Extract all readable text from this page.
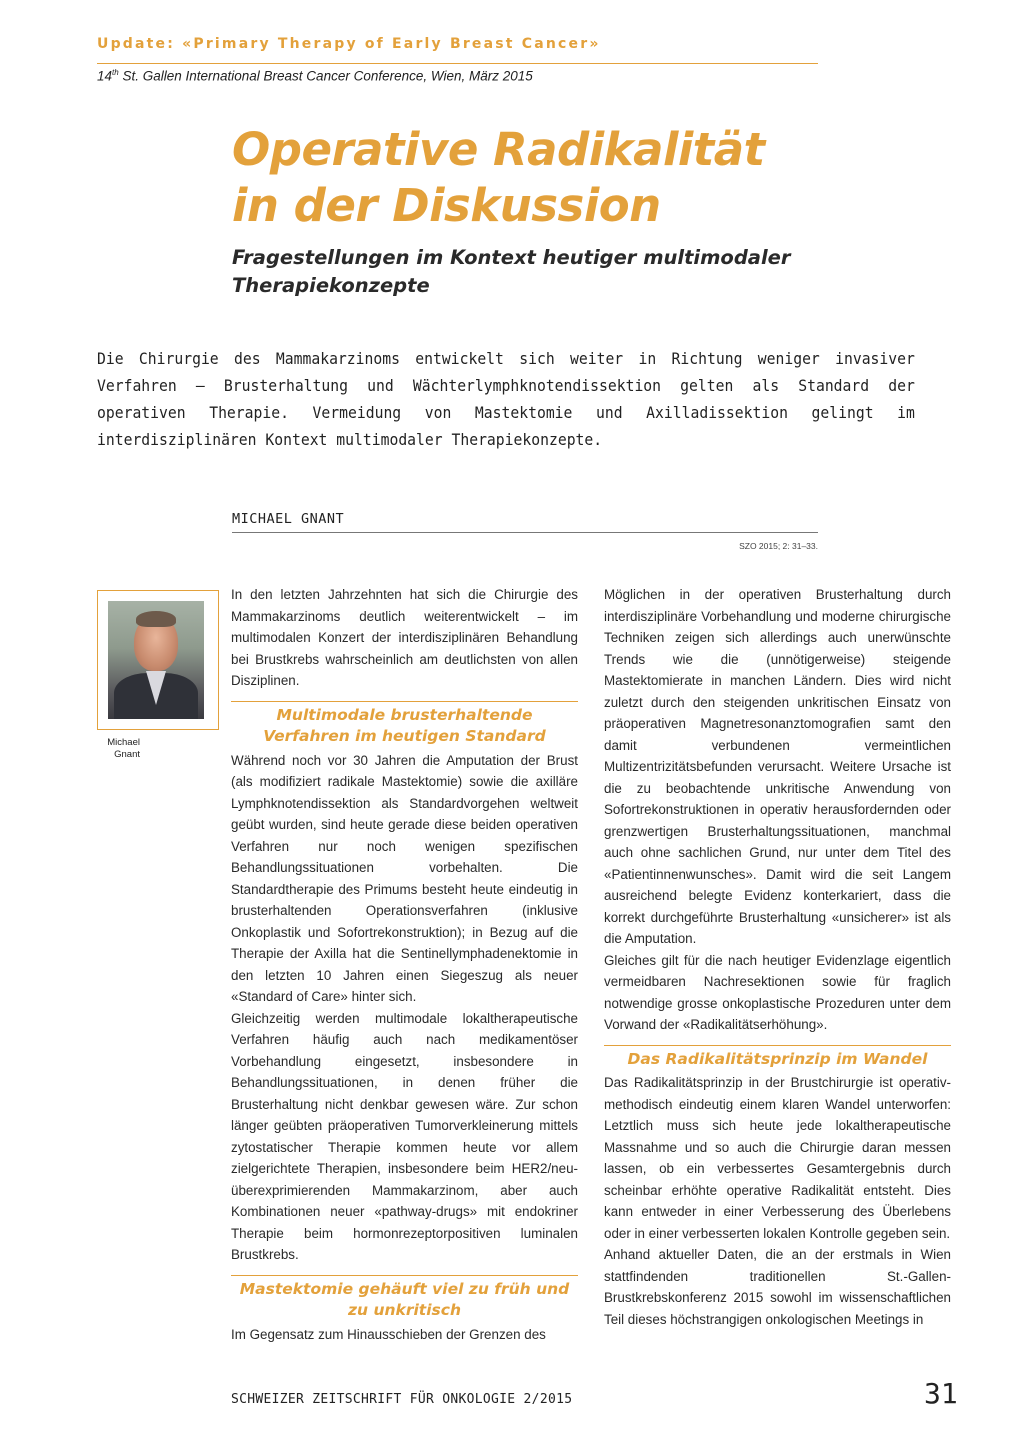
Update: «Primary Therapy of Early Breast Cancer»
14th St. Gallen International Breast Cancer Conference, Wien, März 2015
Operative Radikalität
in der Diskussion
Fragestellungen im Kontext heutiger multimodaler
Therapiekonzepte

Die Chirurgie des Mammakarzinoms entwickelt sich weiter in Richtung weniger invasiver Verfahren – Brusterhaltung und Wächterlymphknotendissektion gelten als Standard der operativen Therapie. Vermeidung von Mastektomie und Axilladissektion gelingt im interdisziplinären Kontext multimodaler Therapiekonzepte.

MICHAEL GNANT
SZO 2015; 2: 31–33.
Michael
Gnant

In den letzten Jahrzehnten hat sich die Chirurgie des Mammakarzinoms deutlich weiterentwickelt – im multimodalen Konzert der interdisziplinären Behandlung bei Brustkrebs wahrscheinlich am deutlichsten von allen Disziplinen.

Multimodale brusterhaltende Verfahren im heutigen Standard

Während noch vor 30 Jahren die Amputation der Brust (als modifiziert radikale Mastektomie) sowie die axilläre Lymphknotendissektion als Standardvorgehen weltweit geübt wurden, sind heute gerade diese beiden operativen Verfahren nur noch wenigen spezifischen Behandlungssituationen vorbehalten. Die Standardtherapie des Primums besteht heute eindeutig in brusterhaltenden Operationsverfahren (inklusive Onkoplastik und Sofortrekonstruktion); in Bezug auf die Therapie der Axilla hat die Sentinellymphadenektomie in den letzten 10 Jahren einen Siegeszug als neuer «Standard of Care» hinter sich.

Gleichzeitig werden multimodale lokaltherapeutische Verfahren häufig auch nach medikamentöser Vorbehandlung eingesetzt, insbesondere in Behandlungssituationen, in denen früher die Brusterhaltung nicht denkbar gewesen wäre. Zur schon länger geübten präoperativen Tumorverkleinerung mittels zytostatischer Therapie kommen heute vor allem zielgerichtete Therapien, insbesondere beim HER2/neu-überexprimierenden Mammakarzinom, aber auch Kombinationen neuer «pathway-drugs» mit endokriner Therapie beim hormonrezeptorpositiven luminalen Brustkrebs.

Mastektomie gehäuft viel zu früh und zu unkritisch

Im Gegensatz zum Hinausschieben der Grenzen des

Möglichen in der operativen Brusterhaltung durch interdisziplinäre Vorbehandlung und moderne chirurgische Techniken zeigen sich allerdings auch unerwünschte Trends wie die (unnötigerweise) steigende Mastektomierate in manchen Ländern. Dies wird nicht zuletzt durch den steigenden unkritischen Einsatz von präoperativen Magnetresonanztomografien samt den damit verbundenen vermeintlichen Multizentrizitätsbefunden verursacht. Weitere Ursache ist die zu beobachtende unkritische Anwendung von Sofortrekonstruktionen in operativ herausfordernden oder grenzwertigen Brusterhaltungssituationen, manchmal auch ohne sachlichen Grund, nur unter dem Titel des «Patientinnenwunsches». Damit wird die seit Langem ausreichend belegte Evidenz konterkariert, dass die korrekt durchgeführte Brusterhaltung «unsicherer» ist als die Amputation.

Gleiches gilt für die nach heutiger Evidenzlage eigentlich vermeidbaren Nachresektionen sowie für fraglich notwendige grosse onkoplastische Prozeduren unter dem Vorwand der «Radikalitätserhöhung».

Das Radikalitätsprinzip im Wandel

Das Radikalitätsprinzip in der Brustchirurgie ist operativ-methodisch eindeutig einem klaren Wandel unterworfen: Letztlich muss sich heute jede lokaltherapeutische Massnahme und so auch die Chirurgie daran messen lassen, ob ein verbessertes Gesamtergebnis durch scheinbar erhöhte operative Radikalität entsteht. Dies kann entweder in einer Verbesserung des Überlebens oder in einer verbesserten lokalen Kontrolle gegeben sein.

Anhand aktueller Daten, die an der erstmals in Wien stattfindenden traditionellen St.-Gallen-Brustkrebskonferenz 2015 sowohl im wissenschaftlichen Teil dieses höchstrangigen onkologischen Meetings in

SCHWEIZER ZEITSCHRIFT FÜR ONKOLOGIE 2/2015	31
